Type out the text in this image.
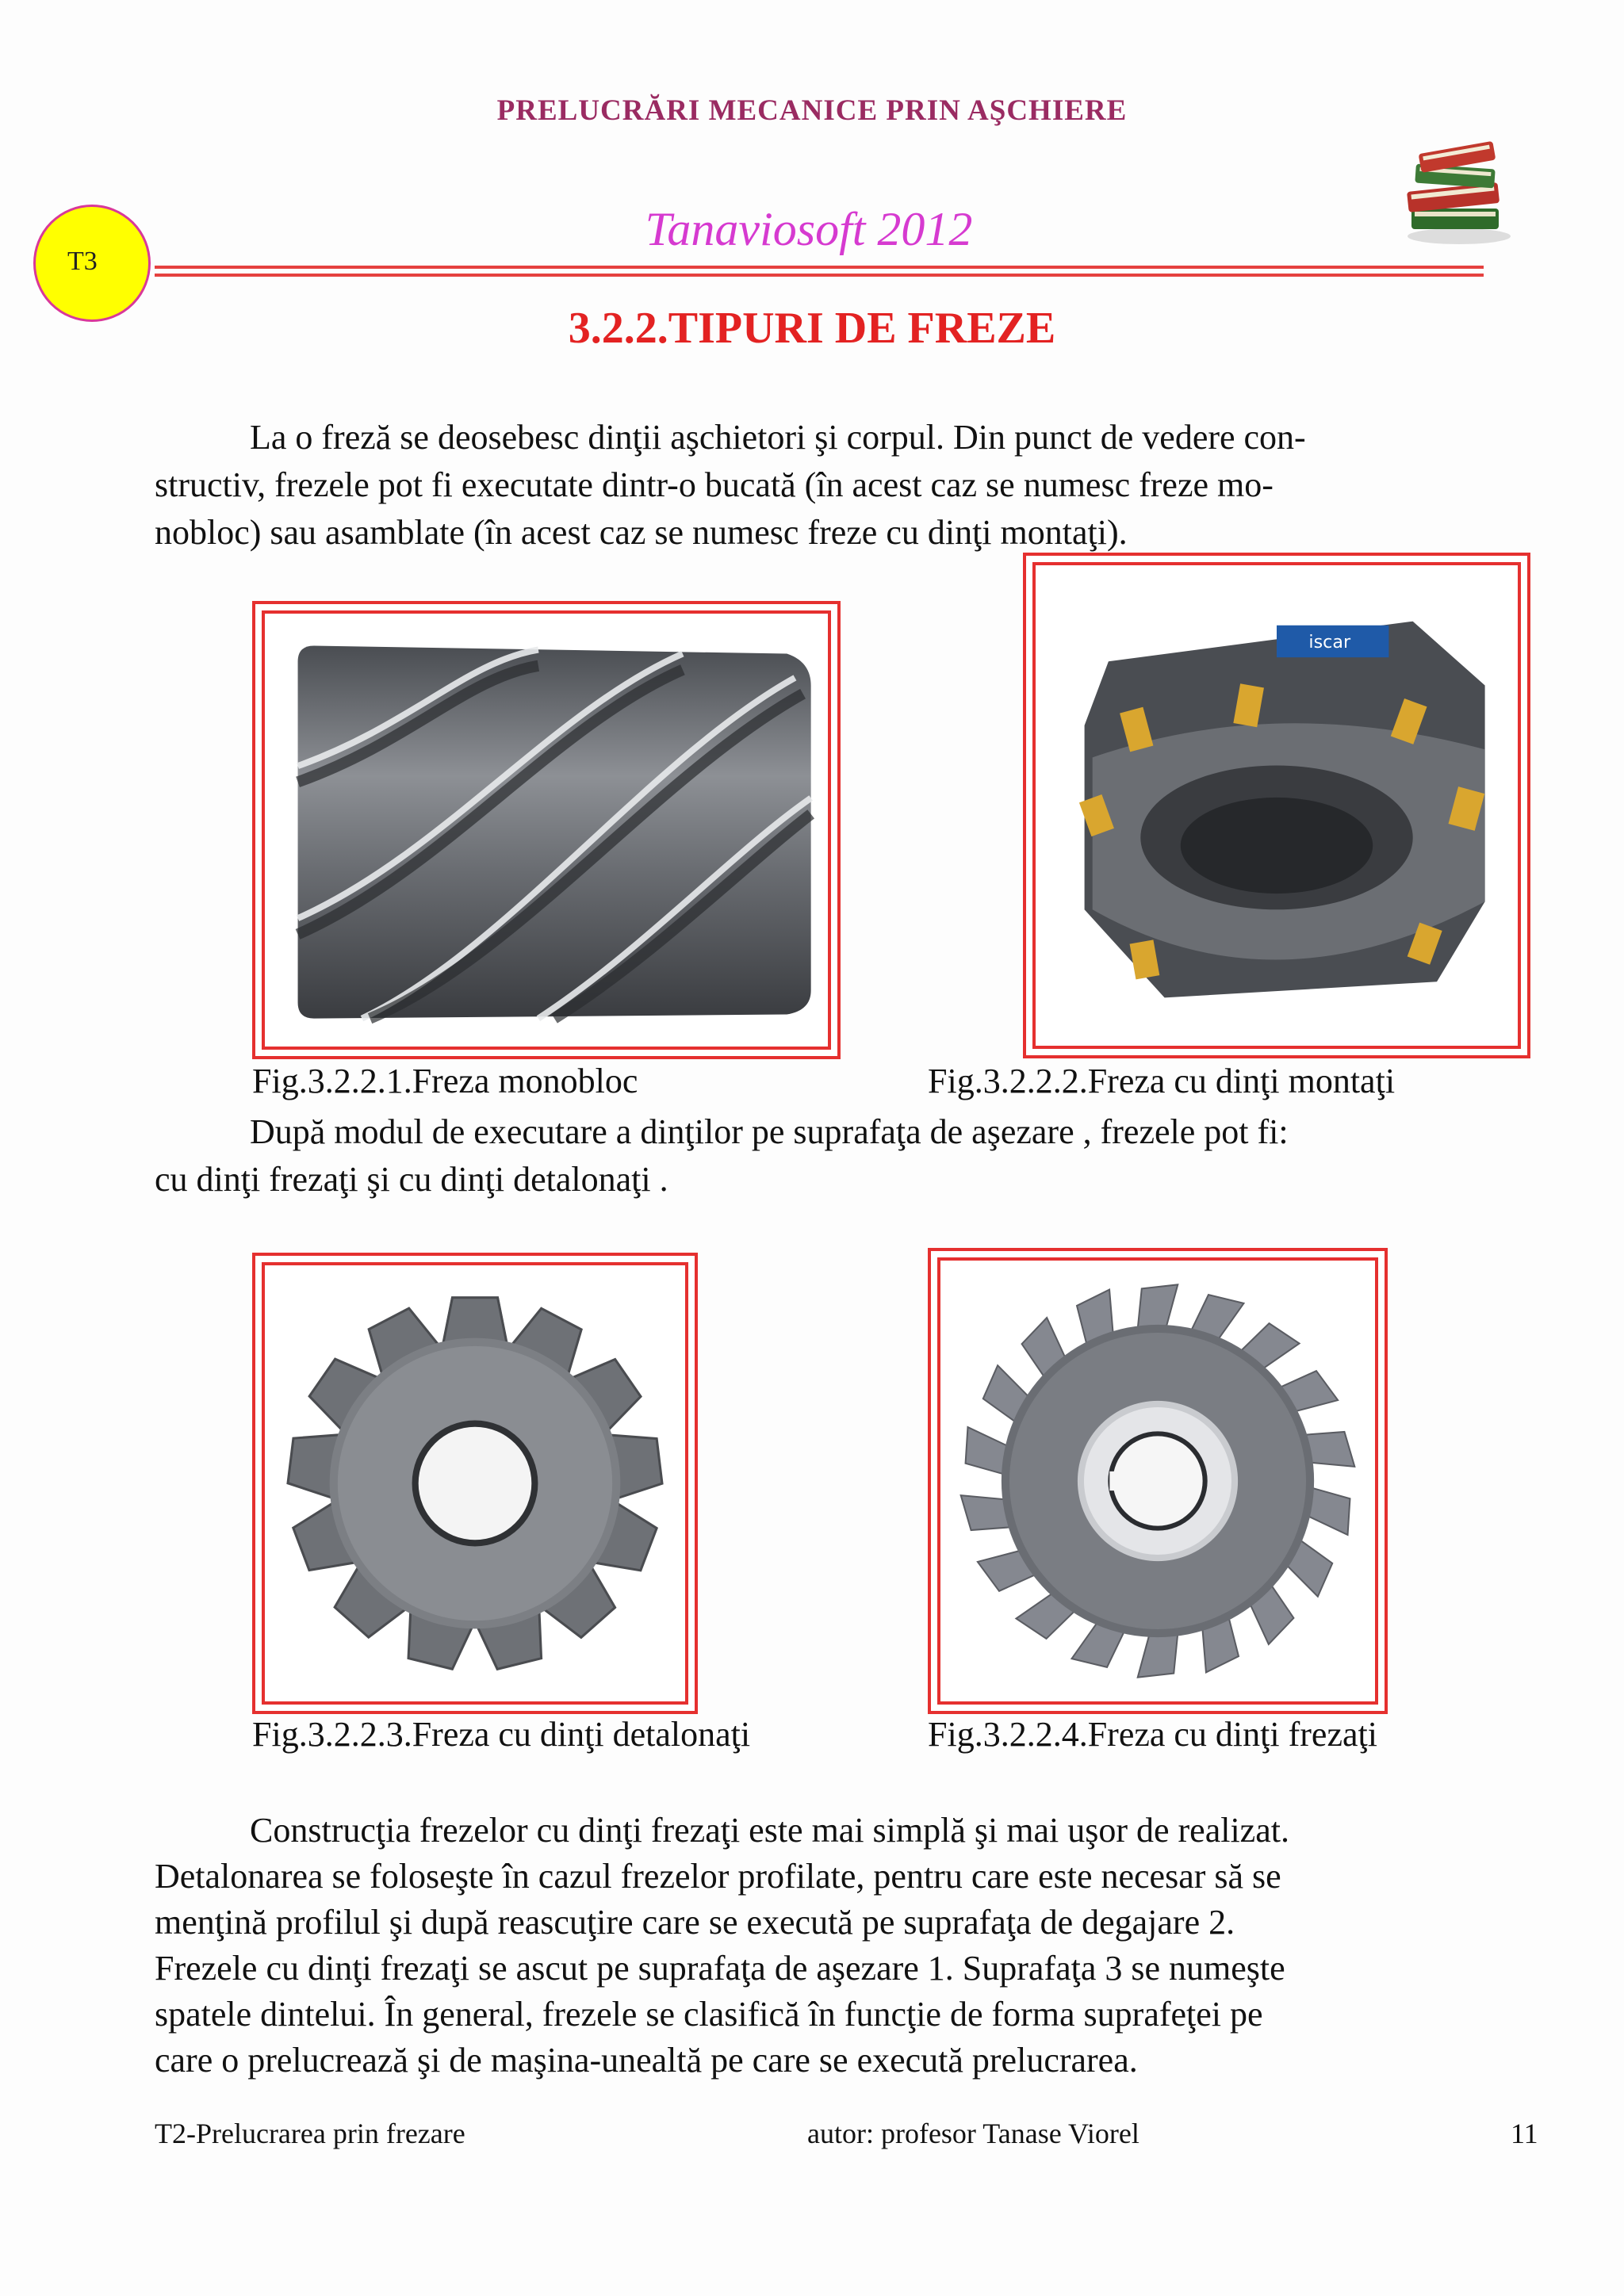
PRELUCRĂRI MECANICE PRIN AŞCHIERE
T3
Tanaviosoft 2012
3.2.2.TIPURI DE FREZE
La o freză se deosebesc dinţii aşchietori şi corpul. Din punct de vedere con-
structiv, frezele pot fi executate dintr-o bucată (în acest caz se numesc freze mo-
nobloc) sau asamblate (în acest caz se numesc freze cu dinţi montaţi).
iscar
Fig.3.2.2.1.Freza monobloc	Fig.3.2.2.2.Freza cu dinţi montaţi
După modul de executare a dinţilor pe suprafaţa de aşezare , frezele pot fi:
cu dinţi frezaţi şi cu dinţi detalonaţi .
Fig.3.2.2.3.Freza cu dinţi detalonaţi	Fig.3.2.2.4.Freza cu dinţi frezaţi
Construcţia frezelor cu dinţi frezaţi este mai simplă şi mai uşor de realizat.
Detalonarea se foloseşte în cazul frezelor profilate, pentru care este necesar să se
menţină profilul şi după reascuţire care se execută pe suprafaţa de degajare 2.
Frezele cu dinţi frezaţi se ascut pe suprafaţa de aşezare 1. Suprafaţa 3 se numeşte
spatele dintelui. În general, frezele se clasifică în funcţie de forma suprafeţei pe
care o prelucrează şi de maşina-unealtă pe care se execută prelucrarea.
T2-Prelucrarea prin frezare	autor: profesor Tanase Viorel	11
